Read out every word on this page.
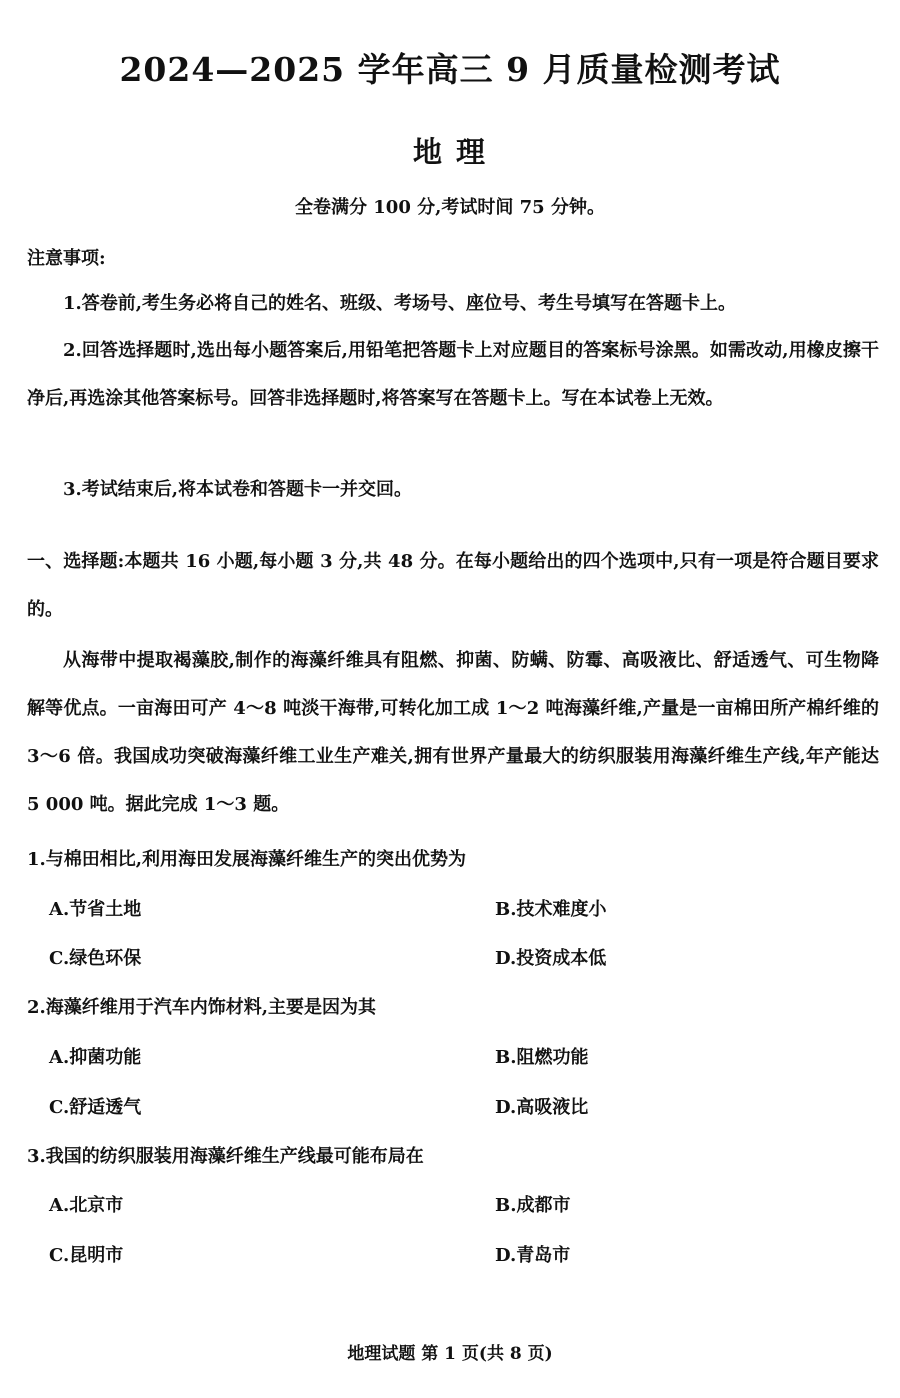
2024—2025 学年高三 9 月质量检测考试
地 理
全卷满分 100 分,考试时间 75 分钟。
注意事项:
1.答卷前,考生务必将自己的姓名、班级、考场号、座位号、考生号填写在答题卡上。
2.回答选择题时,选出每小题答案后,用铅笔把答题卡上对应题目的答案标号涂黑。如需改动,用橡皮擦干净后,再选涂其他答案标号。回答非选择题时,将答案写在答题卡上。写在本试卷上无效。
3.考试结束后,将本试卷和答题卡一并交回。
一、选择题:本题共 16 小题,每小题 3 分,共 48 分。在每小题给出的四个选项中,只有一项是符合题目要求的。
从海带中提取褐藻胶,制作的海藻纤维具有阻燃、抑菌、防螨、防霉、高吸液比、舒适透气、可生物降解等优点。一亩海田可产 4～8 吨淡干海带,可转化加工成 1～2 吨海藻纤维,产量是一亩棉田所产棉纤维的 3～6 倍。我国成功突破海藻纤维工业生产难关,拥有世界产量最大的纺织服装用海藻纤维生产线,年产能达 5 000 吨。据此完成 1～3 题。
1.与棉田相比,利用海田发展海藻纤维生产的突出优势为
A.节省土地	B.技术难度小
C.绿色环保	D.投资成本低
2.海藻纤维用于汽车内饰材料,主要是因为其
A.抑菌功能	B.阻燃功能
C.舒适透气	D.高吸液比
3.我国的纺织服装用海藻纤维生产线最可能布局在
A.北京市	B.成都市
C.昆明市	D.青岛市
地理试题 第 1 页(共 8 页)
